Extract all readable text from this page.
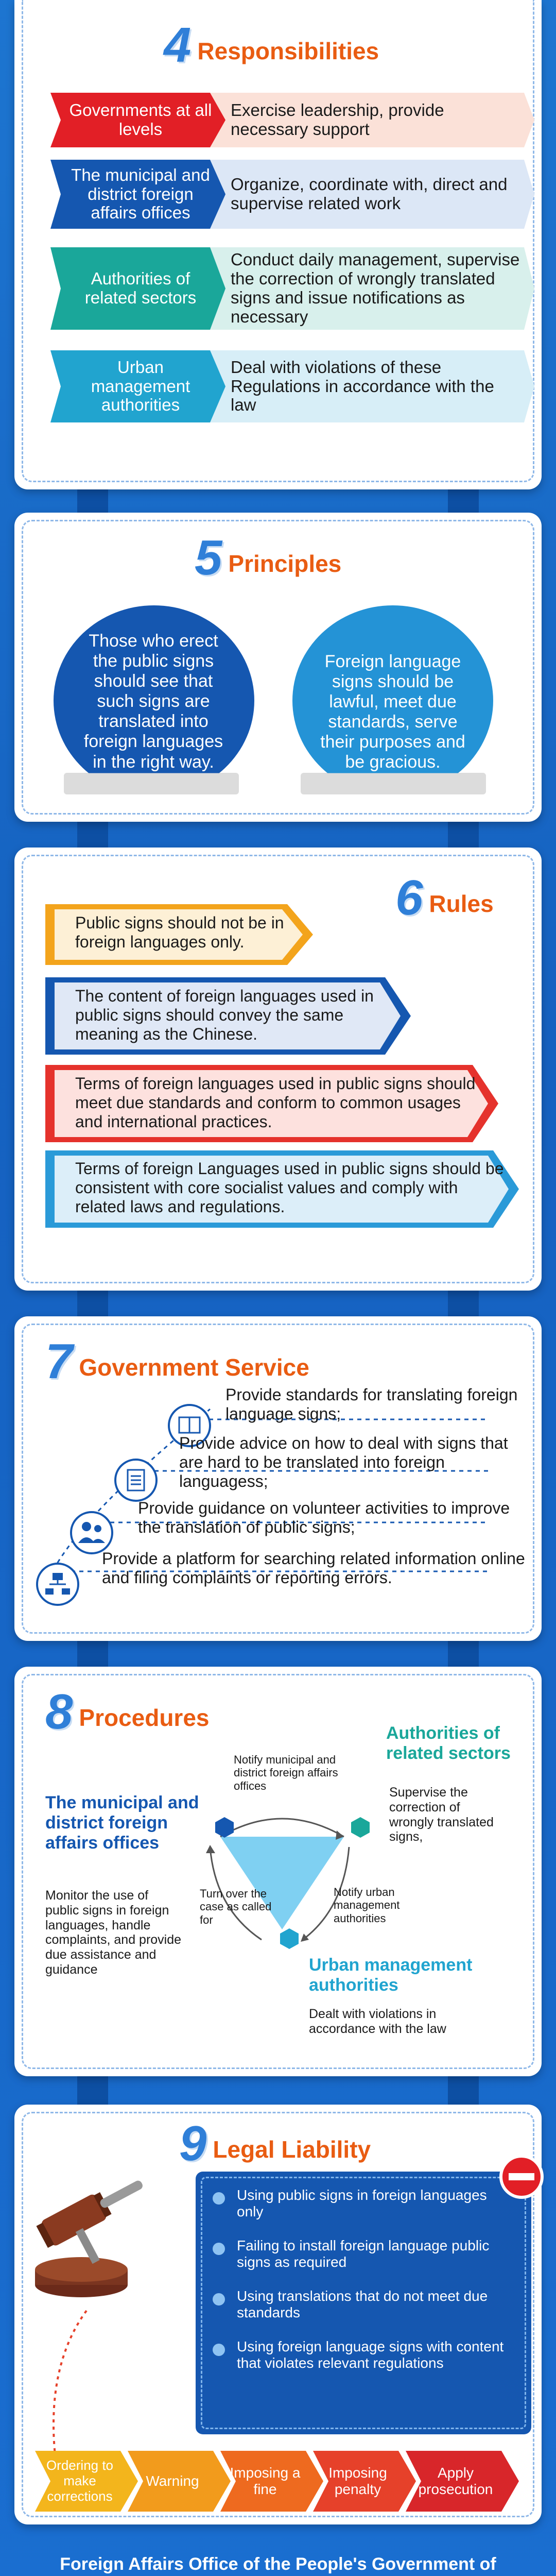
4 Responsibilities
Governments at all levels
Exercise leadership, provide necessary support
The municipal and district foreign affairs offices
Organize, coordinate with, direct and supervise related work
Authorities of related sectors
Conduct daily management, supervise the correction of wrongly translated signs and issue notifications as necessary
Urban management authorities
Deal with violations of these Regulations in accordance with the law
5 Principles
Those who erect the public signs should see that such signs are translated into foreign languages in the right way.
Foreign language signs should be lawful, meet due standards, serve their purposes and be gracious.
6 Rules
Public signs should not be in foreign languages only.
The content of foreign languages used in public signs should convey the same meaning as the Chinese.
Terms of foreign languages used in public signs should meet due standards and conform to common usages and international practices.
Terms of foreign Languages used in public signs should be consistent with core socialist values and comply with related laws and regulations.
7 Government Service
Provide standards for translating foreign language signs;
Provide advice on how to deal with signs that are hard to be translated into foreign languagess;
Provide guidance on volunteer activities to improve the translation of public signs;
Provide a platform for searching related information online and filing complaints or reporting errors.
8 Procedures
Notify municipal and district foreign affairs offices
Notify urban management authorities
Turn over the case as called for
The municipal and district foreign affairs offices
Monitor the use of public signs in foreign languages, handle complaints, and provide due assistance and guidance
Authorities of related sectors
Supervise the correction of wrongly translated signs,
Urban management authorities
Dealt with violations in accordance with the law
9 Legal Liability
Using public signs in foreign languages only
Failing to install foreign language public signs as required
Using translations that do not meet due standards
Using foreign language signs with content that violates relevant regulations
Ordering to make corrections
Warning
Imposing a fine
Imposing penalty
Apply prosecution
Foreign Affairs Office of the People's Government of
